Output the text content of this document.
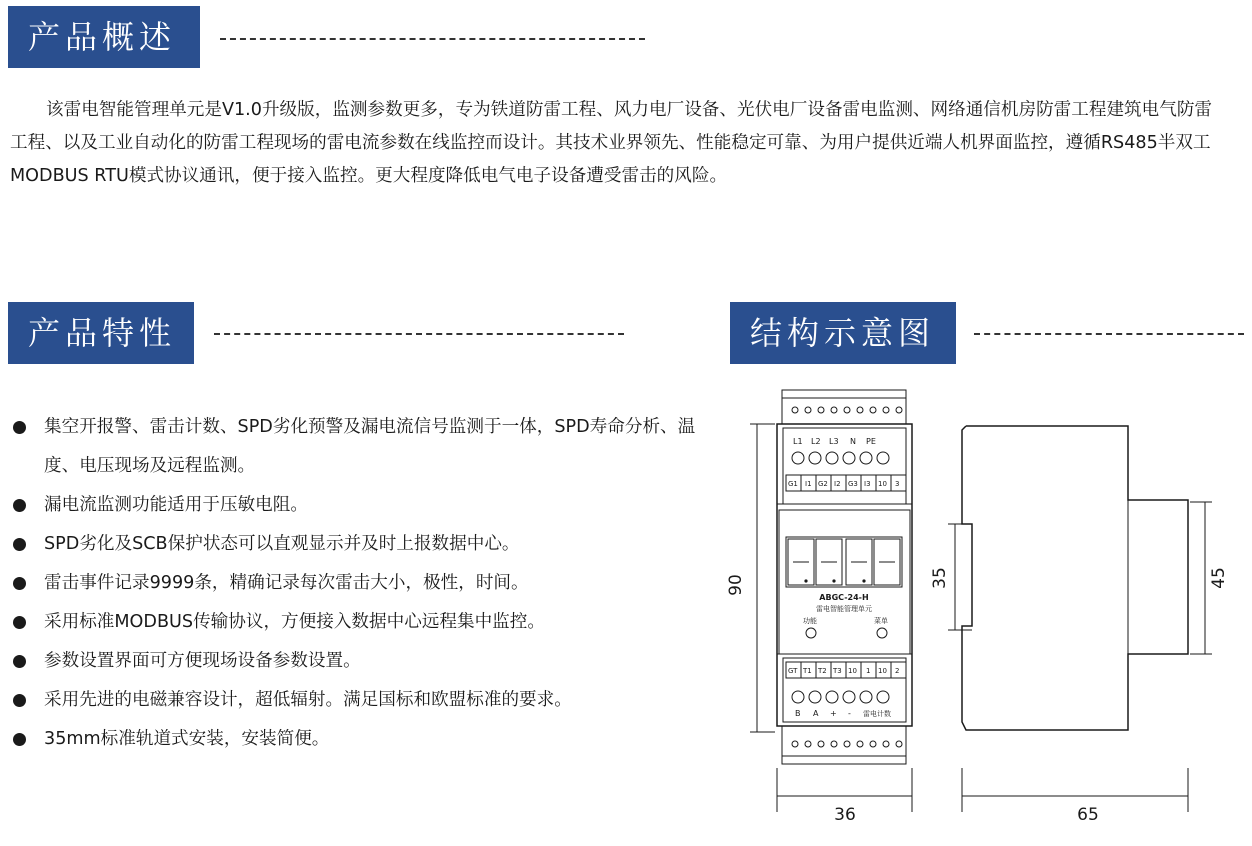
产品概述

该雷电智能管理单元是V1.0升级版，监测参数更多，专为铁道防雷工程、风力电厂设备、光伏电厂设备雷电监测、网络通信机房防雷工程建筑电气防雷工程、以及工业自动化的防雷工程现场的雷电流参数在线监控而设计。其技术业界领先、性能稳定可靠、为用户提供近端人机界面监控，遵循RS485半双工MODBUS RTU模式协议通讯，便于接入监控。更大程度降低电气电子设备遭受雷击的风险。

产品特性	结构示意图
集空开报警、雷击计数、SPD劣化预警及漏电流信号监测于一体，SPD寿命分析、温度、电压现场及远程监测。
漏电流监测功能适用于压敏电阻。
SPD劣化及SCB保护状态可以直观显示并及时上报数据中心。
雷击事件记录9999条，精确记录每次雷击大小，极性，时间。
采用标准MODBUS传输协议，方便接入数据中心远程集中监控。
参数设置界面可方便现场设备参数设置。
采用先进的电磁兼容设计，超低辐射。满足国标和欧盟标准的要求。
35mm标准轨道式安装，安装简便。
L1 L2 L3 N PE
G1 I1 G2 I2 G3 I3 10 3
ABGC-24-H
雷电智能管理单元
功能	菜单
GT T1 T2 T3 10 1 10 2
B A + - 雷电计数
90
36
35	45
65
